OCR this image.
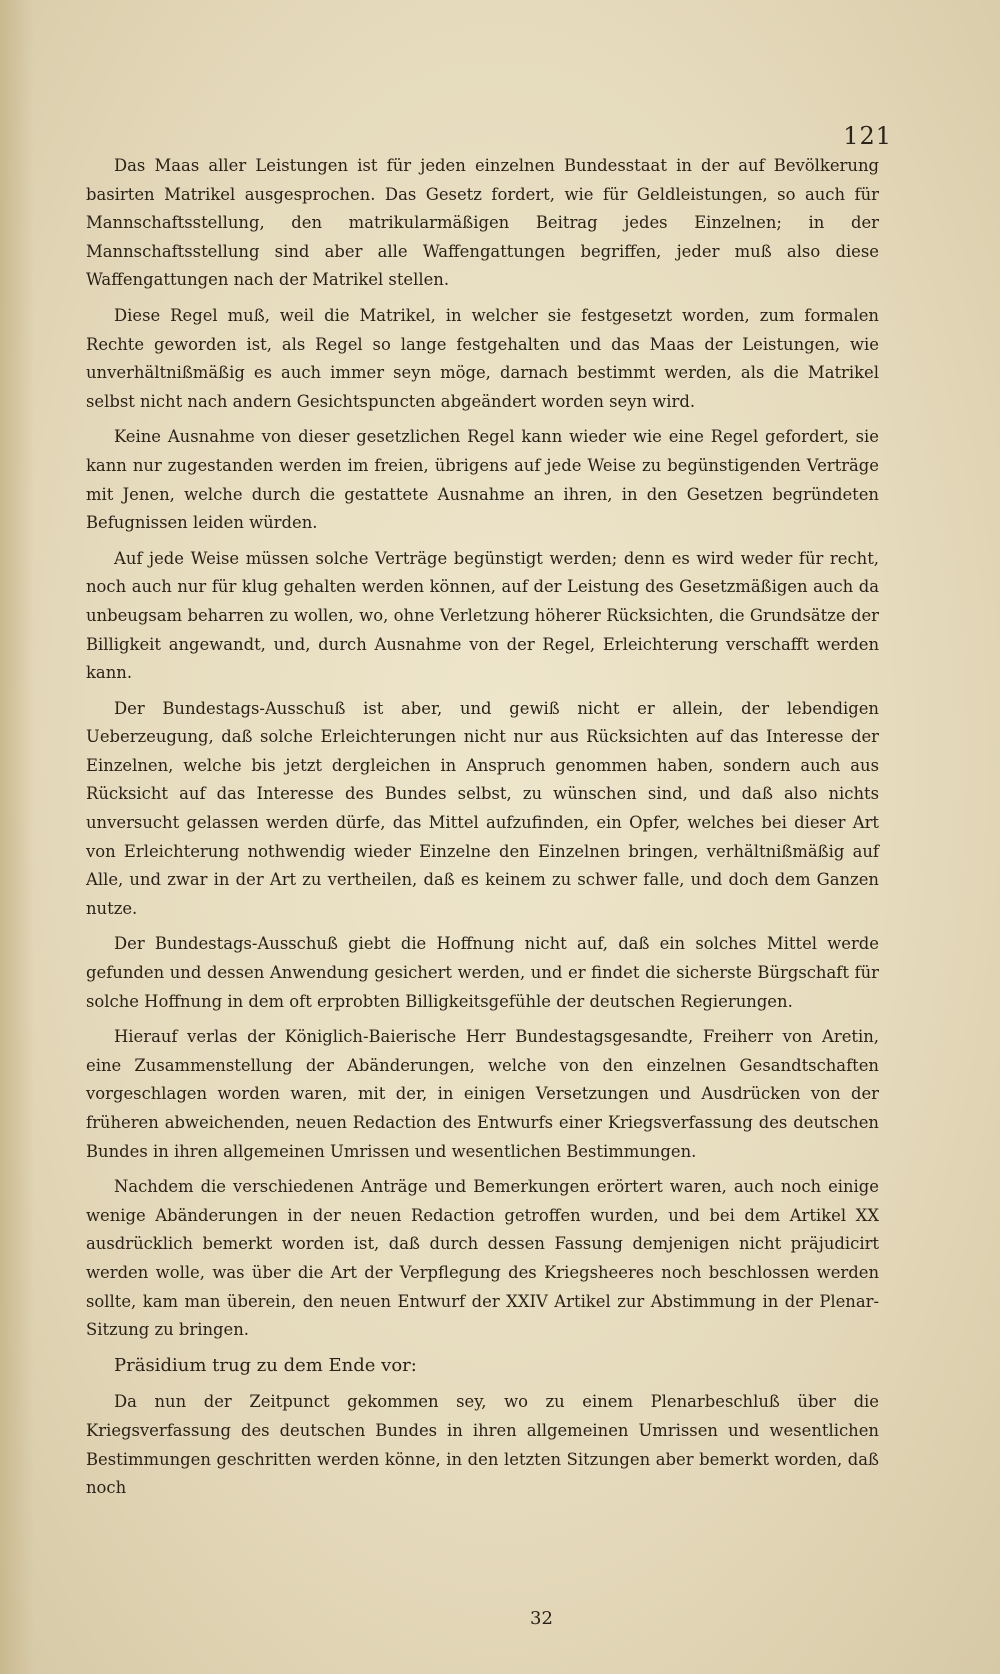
121

Das Maas aller Leistungen ist für jeden einzelnen Bundesstaat in der auf Bevölkerung basirten Matrikel ausgesprochen. Das Gesetz fordert, wie für Geldleistungen, so auch für Mannschaftsstellung, den matrikularmäßigen Beitrag jedes Einzelnen; in der Mannschaftsstellung sind aber alle Waffengattungen begriffen, jeder muß also diese Waffengattungen nach der Matrikel stellen.

Diese Regel muß, weil die Matrikel, in welcher sie festgesetzt worden, zum formalen Rechte geworden ist, als Regel so lange festgehalten und das Maas der Leistungen, wie unverhältnißmäßig es auch immer seyn möge, darnach bestimmt werden, als die Matrikel selbst nicht nach andern Gesichtspuncten abgeändert worden seyn wird.

Keine Ausnahme von dieser gesetzlichen Regel kann wieder wie eine Regel gefordert, sie kann nur zugestanden werden im freien, übrigens auf jede Weise zu begünstigenden Verträge mit Jenen, welche durch die gestattete Ausnahme an ihren, in den Gesetzen begründeten Befugnissen leiden würden.

Auf jede Weise müssen solche Verträge begünstigt werden; denn es wird weder für recht, noch auch nur für klug gehalten werden können, auf der Leistung des Gesetzmäßigen auch da unbeugsam beharren zu wollen, wo, ohne Verletzung höherer Rücksichten, die Grundsätze der Billigkeit angewandt, und, durch Ausnahme von der Regel, Erleichterung verschafft werden kann.

Der Bundestags-Ausschuß ist aber, und gewiß nicht er allein, der lebendigen Ueberzeugung, daß solche Erleichterungen nicht nur aus Rücksichten auf das Interesse der Einzelnen, welche bis jetzt dergleichen in Anspruch genommen haben, sondern auch aus Rücksicht auf das Interesse des Bundes selbst, zu wünschen sind, und daß also nichts unversucht gelassen werden dürfe, das Mittel aufzufinden, ein Opfer, welches bei dieser Art von Erleichterung nothwendig wieder Einzelne den Einzelnen bringen, verhältnißmäßig auf Alle, und zwar in der Art zu vertheilen, daß es keinem zu schwer falle, und doch dem Ganzen nutze.

Der Bundestags-Ausschuß giebt die Hoffnung nicht auf, daß ein solches Mittel werde gefunden und dessen Anwendung gesichert werden, und er findet die sicherste Bürgschaft für solche Hoffnung in dem oft erprobten Billigkeitsgefühle der deutschen Regierungen.

Hierauf verlas der Königlich-Baierische Herr Bundestagsgesandte, Freiherr von Aretin, eine Zusammenstellung der Abänderungen, welche von den einzelnen Gesandtschaften vorgeschlagen worden waren, mit der, in einigen Versetzungen und Ausdrücken von der früheren abweichenden, neuen Redaction des Entwurfs einer Kriegsverfassung des deutschen Bundes in ihren allgemeinen Umrissen und wesentlichen Bestimmungen.

Nachdem die verschiedenen Anträge und Bemerkungen erörtert waren, auch noch einige wenige Abänderungen in der neuen Redaction getroffen wurden, und bei dem Artikel XX ausdrücklich bemerkt worden ist, daß durch dessen Fassung demjenigen nicht präjudicirt werden wolle, was über die Art der Verpflegung des Kriegsheeres noch beschlossen werden sollte, kam man überein, den neuen Entwurf der XXIV Artikel zur Abstimmung in der Plenar-Sitzung zu bringen.

Präsidium trug zu dem Ende vor:

Da nun der Zeitpunct gekommen sey, wo zu einem Plenarbeschluß über die Kriegsverfassung des deutschen Bundes in ihren allgemeinen Umrissen und wesentlichen Bestimmungen geschritten werden könne, in den letzten Sitzungen aber bemerkt worden, daß noch

32
